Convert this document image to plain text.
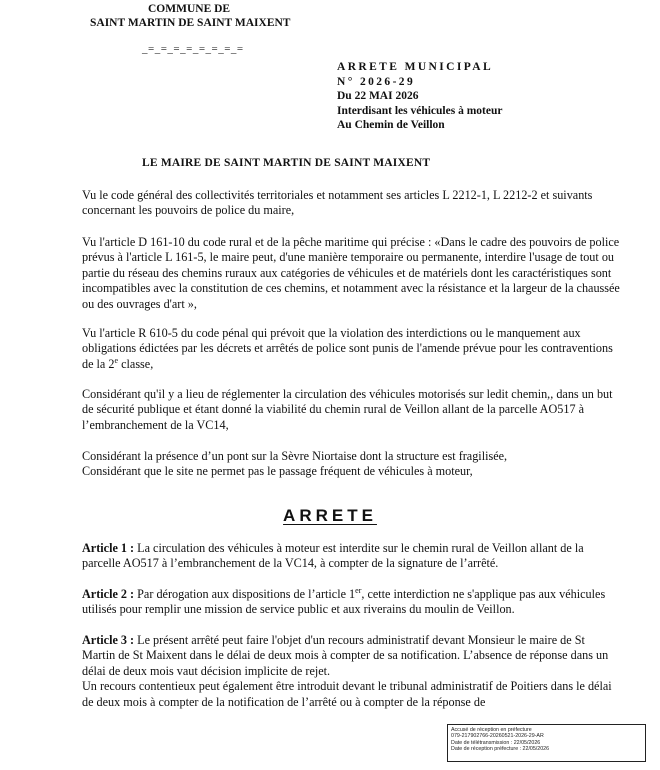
COMMUNE DE
SAINT MARTIN DE SAINT MAIXENT
_=_=_=_=_=_=_=_=
ARRETE MUNICIPAL
N° 2026-29
Du 22 MAI 2026
Interdisant les véhicules à moteur
Au Chemin de Veillon
LE MAIRE DE SAINT MARTIN DE SAINT MAIXENT

Vu le code général des collectivités territoriales et notamment ses articles L 2212-1, L 2212-2 et suivants concernant les pouvoirs de police du maire,

Vu l'article D 161-10 du code rural et de la pêche maritime qui précise : «Dans le cadre des pouvoirs de police prévus à l'article L 161-5, le maire peut, d'une manière temporaire ou permanente, interdire l'usage de tout ou partie du réseau des chemins ruraux aux catégories de véhicules et de matériels dont les caractéristiques sont incompatibles avec la constitution de ces chemins, et notamment avec la résistance et la largeur de la chaussée ou des ouvrages d'art »,

Vu l'article R 610-5 du code pénal qui prévoit que la violation des interdictions ou le manquement aux obligations édictées par les décrets et arrêtés de police sont punis de l'amende prévue pour les contraventions de la 2e classe,

Considérant qu'il y a lieu de réglementer la circulation des véhicules motorisés sur ledit chemin,, dans un but de sécurité publique et étant donné la viabilité du chemin rural de Veillon allant de la parcelle AO517 à l’embranchement de la VC14,

Considérant la présence d’un pont sur la Sèvre Niortaise dont la structure est fragilisée,
Considérant que le site ne permet pas le passage fréquent de véhicules à moteur,

ARRETE

Article 1 : La circulation des véhicules à moteur est interdite sur le chemin rural de Veillon allant de la parcelle AO517 à l’embranchement de la VC14, à compter de la signature de l’arrêté.

Article 2 : Par dérogation aux dispositions de l’article 1er, cette interdiction ne s'applique pas aux véhicules utilisés pour remplir une mission de service public et aux riverains du moulin de Veillon.

Article 3 : Le présent arrêté peut faire l'objet d'un recours administratif devant Monsieur le maire de St Martin de St Maixent dans le délai de deux mois à compter de sa notification. L’absence de réponse dans un délai de deux mois vaut décision implicite de rejet.
Un recours contentieux peut également être introduit devant le tribunal administratif de Poitiers dans le délai de deux mois à compter de la notification de l’arrêté ou à compter de la réponse de

Accusé de réception en préfecture
079-217902766-20260521-2026-29-AR
Date de télétransmission : 22/05/2026
Date de réception préfecture : 22/05/2026
